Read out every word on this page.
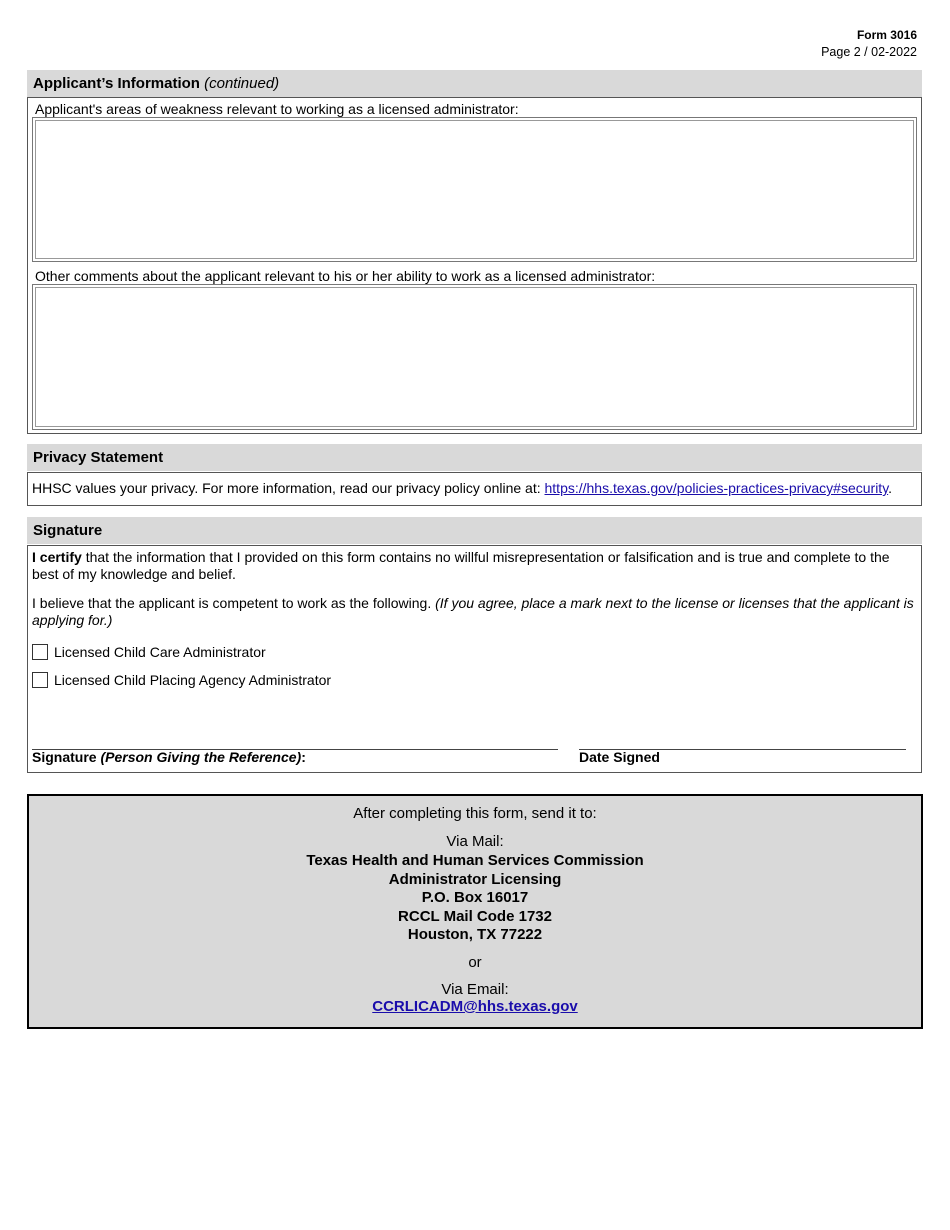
Form 3016
Page 2 / 02-2022
Applicant’s Information (continued)
Applicant's areas of weakness relevant to working as a licensed administrator:
Other comments about the applicant relevant to his or her ability to work as a licensed administrator:
Privacy Statement
HHSC values your privacy. For more information, read our privacy policy online at: https://hhs.texas.gov/policies-practices-privacy#security.
Signature
I certify that the information that I provided on this form contains no willful misrepresentation or falsification and is true and complete to the best of my knowledge and belief.
I believe that the applicant is competent to work as the following. (If you agree, place a mark next to the license or licenses that the applicant is applying for.)
Licensed Child Care Administrator
Licensed Child Placing Agency Administrator
Signature (Person Giving the Reference):	Date Signed
After completing this form, send it to:
Via Mail:
Texas Health and Human Services Commission
Administrator Licensing
P.O. Box 16017
RCCL Mail Code 1732
Houston, TX 77222
or
Via Email:
CCRLICADM@hhs.texas.gov
